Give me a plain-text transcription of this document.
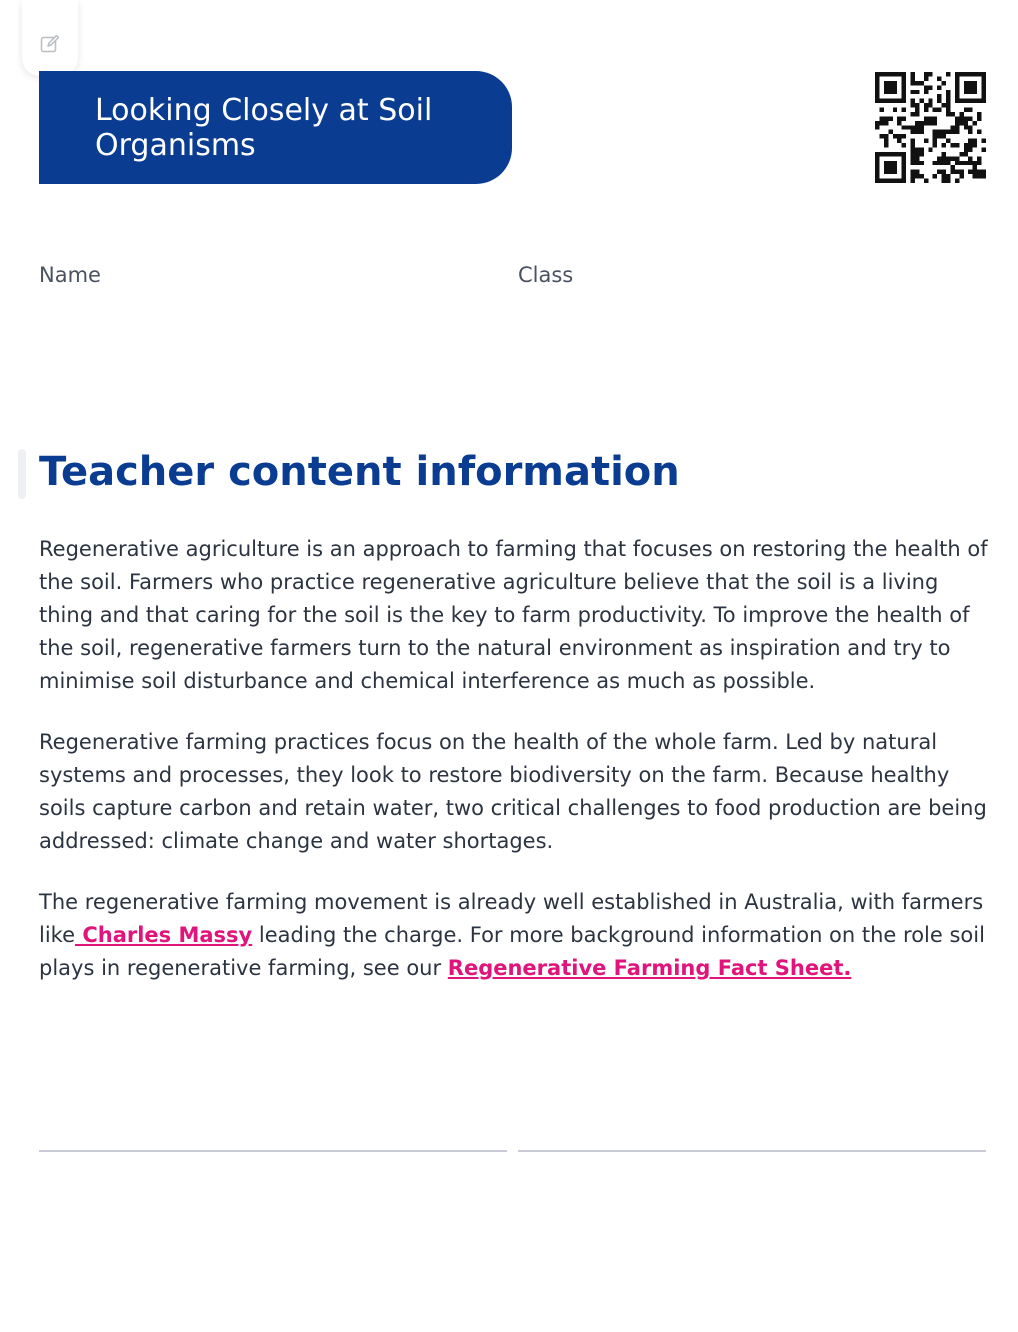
Looking Closely at Soil Organisms

Name	Class

Teacher content information

Regenerative agriculture is an approach to farming that focuses on restoring the health of the soil. Farmers who practice regenerative agriculture believe that the soil is a living thing and that caring for the soil is the key to farm productivity. To improve the health of the soil, regenerative farmers turn to the natural environment as inspiration and try to minimise soil disturbance and chemical interference as much as possible.

Regenerative farming practices focus on the health of the whole farm. Led by natural systems and processes, they look to restore biodiversity on the farm. Because healthy soils capture carbon and retain water, two critical challenges to food production are being addressed: climate change and water shortages.

The regenerative farming movement is already well established in Australia, with farmers like Charles Massy leading the charge. For more background information on the role soil plays in regenerative farming, see our Regenerative Farming Fact Sheet.
